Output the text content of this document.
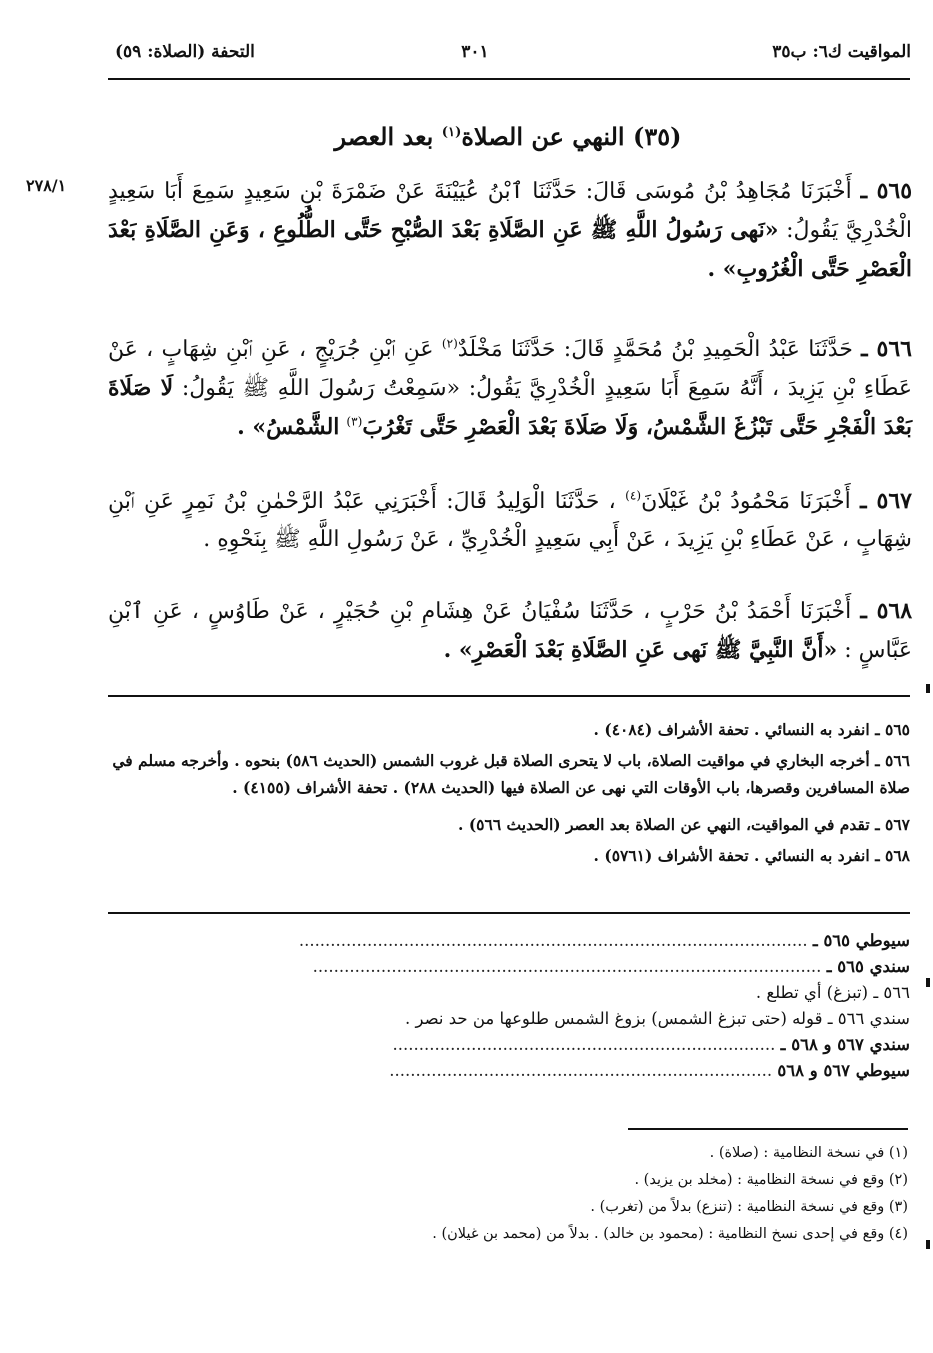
المواقيت ك٦: ب٣٥
٣٠١
التحفة (الصلاة: ٥٩)
(٣٥) النهي عن الصلاة$^{(١)}$ بعد العصر
٢٧٨/١	٥٦٥ ـ أَخْبَرَنَا مُجَاهِدُ بْنُ مُوسَى قَالَ: حَدَّثَنَا ٱبْنُ عُيَيْنَةَ عَنْ ضَمْرَةَ بْنِ سَعِيدٍ سَمِعَ أَبَا سَعِيدٍ الْخُدْرِيَّ يَقُولُ: «نَهى رَسُولُ اللَّهِ ﷺ عَنِ الصَّلَاةِ بَعْدَ الصُّبْحِ حَتَّى الطُّلُوعِ ، وَعَنِ الصَّلَاةِ بَعْدَ الْعَصْرِ حَتَّى الْغُرُوبِ» .
٥٦٦ ـ حَدَّثَنَا عَبْدُ الْحَمِيدِ بْنُ مُحَمَّدٍ قَالَ: حَدَّثَنَا مَخْلَدٌ$^{(٢)}$ عَنِ ٱبْنِ جُرَيْجٍ ، عَنِ ٱبْنِ شِهَابٍ ، عَنْ عَطَاءِ بْنِ يَزِيدَ ، أَنَّهُ سَمِعَ أَبَا سَعِيدٍ الْخُدْرِيَّ يَقُولُ: «سَمِعْتُ رَسُولَ اللَّهِ ﷺ يَقُولُ: لَا صَلَاةَ بَعْدَ الْفَجْرِ حَتَّى تَبْزُغَ الشَّمْسُ، وَلَا صَلَاةَ بَعْدَ الْعَصْرِ حَتَّى تَغْرُبَ$^{(٣)}$ الشَّمْسُ» .
٥٦٧ ـ أَخْبَرَنَا مَحْمُودُ بْنُ غَيْلَانَ$^{(٤)}$ ، حَدَّثَنَا الْوَلِيدُ قَالَ: أَخْبَرَنِي عَبْدُ الرَّحْمٰنِ بْنُ نَمِرٍ عَنِ ٱبْنِ شِهَابٍ ، عَنْ عَطَاءِ بْنِ يَزِيدَ ، عَنْ أَبِي سَعِيدٍ الْخُدْرِيِّ ، عَنْ رَسُولِ اللَّهِ ﷺ بِنَحْوِهِ .
٥٦٨ ـ أَخْبَرَنَا أَحْمَدُ بْنُ حَرْبٍ ، حَدَّثَنَا سُفْيَانُ عَنْ هِشَامِ بْنِ حُجَيْرٍ ، عَنْ طَاوُسٍ ، عَنِ ٱبْنِ عَبَّاسٍ : «أَنَّ النَّبِيَّ ﷺ نَهى عَنِ الصَّلَاةِ بَعْدَ الْعَصْرِ» .

٥٦٥ ـ انفرد به النسائي . تحفة الأشراف (٤٠٨٤) .

٥٦٦ ـ أخرجه البخاري في مواقيت الصلاة، باب لا يتحرى الصلاة قبل غروب الشمس (الحديث ٥٨٦) بنحوه . وأخرجه مسلم في صلاة المسافرين وقصرها، باب الأوقات التي نهى عن الصلاة فيها (الحديث ٢٨٨) . تحفة الأشراف (٤١٥٥) .

٥٦٧ ـ تقدم في المواقيت، النهي عن الصلاة بعد العصر (الحديث ٥٦٦) .

٥٦٨ ـ انفرد به النسائي . تحفة الأشراف (٥٧٦١) .

سيوطي ٥٦٥ ـ .................................................................................................
سندي ٥٦٥ ـ .................................................................................................
٥٦٦ ـ (تبزغ) أي تطلع .
سندي ٥٦٦ ـ قوله (حتى تبزغ الشمس) بزوغ الشمس طلوعها من حد نصر .
سندي ٥٦٧ و ٥٦٨ ـ .........................................................................
سيوطي ٥٦٧ و ٥٦٨ .........................................................................
(١) في نسخة النظامية : (صلاة) .
(٢) وقع في نسخة النظامية : (مخلد بن يزيد) .
(٣) وقع في نسخة النظامية : (تنزع) بدلاً من (تغرب) .
(٤) وقع في إحدى نسخ النظامية : (محمود بن خالد) . بدلاً من (محمد بن غيلان) .
